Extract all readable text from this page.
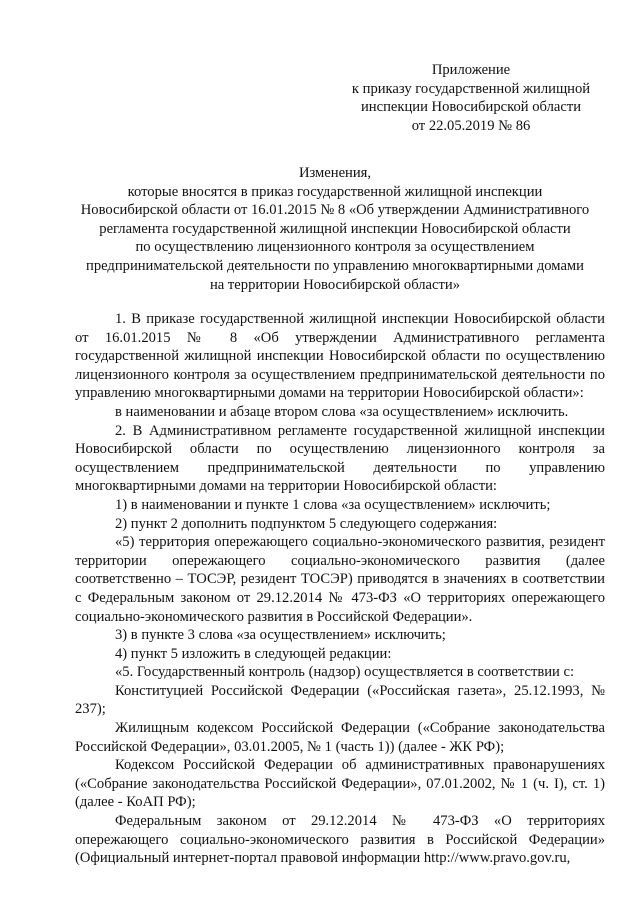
Приложение
к приказу государственной жилищной
инспекции Новосибирской области
от 22.05.2019 № 86
Изменения,
которые вносятся в приказ государственной жилищной инспекции
Новосибирской области от 16.01.2015 № 8 «Об утверждении Административного
регламента государственной жилищной инспекции Новосибирской области
по осуществлению лицензионного контроля за осуществлением
предпринимательской деятельности по управлению многоквартирными домами
на территории Новосибирской области»

1. В приказе государственной жилищной инспекции Новосибирской области от 16.01.2015 № 8 «Об утверждении Административного регламента государственной жилищной инспекции Новосибирской области по осуществлению лицензионного контроля за осуществлением предпринимательской деятельности по управлению многоквартирными домами на территории Новосибирской области»:

в наименовании и абзаце втором слова «за осуществлением» исключить.

2. В Административном регламенте государственной жилищной инспекции Новосибирской области по осуществлению лицензионного контроля за осуществлением предпринимательской деятельности по управлению многоквартирными домами на территории Новосибирской области:

1) в наименовании и пункте 1 слова «за осуществлением» исключить;

2) пункт 2 дополнить подпунктом 5 следующего содержания:

«5) территория опережающего социально-экономического развития, резидент территории опережающего социально-экономического развития (далее соответственно – ТОСЭР, резидент ТОСЭР) приводятся в значениях в соответствии с Федеральным законом от 29.12.2014 № 473-ФЗ «О территориях опережающего социально-экономического развития в Российской Федерации».

3) в пункте 3 слова «за осуществлением» исключить;

4) пункт 5 изложить в следующей редакции:

«5. Государственный контроль (надзор) осуществляется в соответствии с:

Конституцией Российской Федерации («Российская газета», 25.12.1993, № 237);

Жилищным кодексом Российской Федерации («Собрание законодательства Российской Федерации», 03.01.2005, № 1 (часть 1)) (далее - ЖК РФ);

Кодексом Российской Федерации об административных правонарушениях («Собрание законодательства Российской Федерации», 07.01.2002, № 1 (ч. I), ст. 1) (далее - КоАП РФ);

Федеральным законом от 29.12.2014 № 473-ФЗ «О территориях опережающего социально-экономического развития в Российской Федерации» (Официальный интернет-портал правовой информации http://www.pravo.gov.ru,
